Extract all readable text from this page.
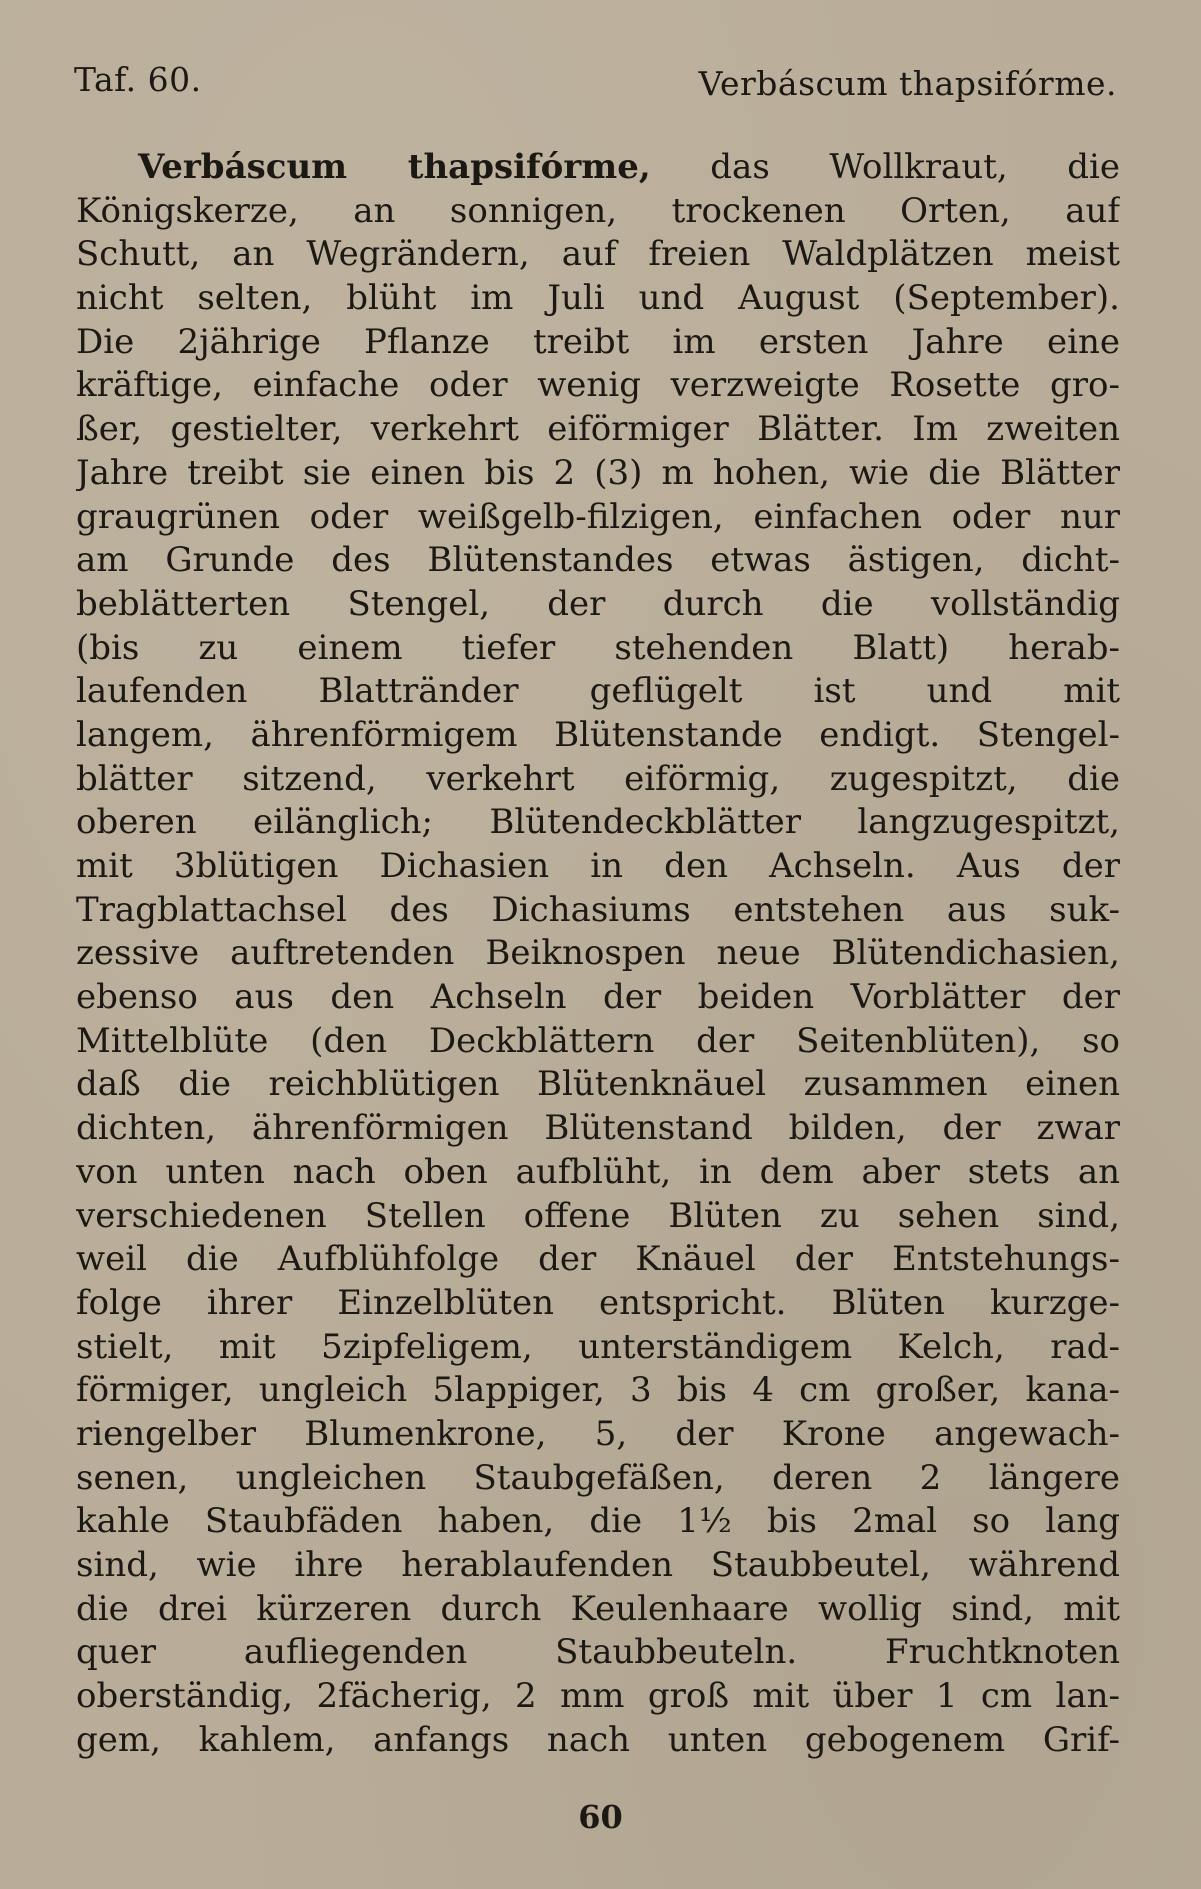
Taf. 60.	Verbáscum thapsifórme.
Verbáscum thapsifórme, das Wollkraut, die
Königskerze, an sonnigen, trockenen Orten, auf
Schutt, an Wegrändern, auf freien Waldplätzen meist
nicht selten, blüht im Juli und August (September).
Die 2jährige Pflanze treibt im ersten Jahre eine
kräftige, einfache oder wenig verzweigte Rosette gro-
ßer, gestielter, verkehrt eiförmiger Blätter. Im zweiten
Jahre treibt sie einen bis 2 (3) m hohen, wie die Blätter
graugrünen oder weißgelb-filzigen, einfachen oder nur
am Grunde des Blütenstandes etwas ästigen, dicht-
beblätterten Stengel, der durch die vollständig
(bis zu einem tiefer stehenden Blatt) herab-
laufenden Blattränder geflügelt ist und mit
langem, ährenförmigem Blütenstande endigt. Stengel-
blätter sitzend, verkehrt eiförmig, zugespitzt, die
oberen eilänglich; Blütendeckblätter langzugespitzt,
mit 3blütigen Dichasien in den Achseln. Aus der
Tragblattachsel des Dichasiums entstehen aus suk-
zessive auftretenden Beiknospen neue Blütendichasien,
ebenso aus den Achseln der beiden Vorblätter der
Mittelblüte (den Deckblättern der Seitenblüten), so
daß die reichblütigen Blütenknäuel zusammen einen
dichten, ährenförmigen Blütenstand bilden, der zwar
von unten nach oben aufblüht, in dem aber stets an
verschiedenen Stellen offene Blüten zu sehen sind,
weil die Aufblühfolge der Knäuel der Entstehungs-
folge ihrer Einzelblüten entspricht. Blüten kurzge-
stielt, mit 5zipfeligem, unterständigem Kelch, rad-
förmiger, ungleich 5lappiger, 3 bis 4 cm großer, kana-
riengelber Blumenkrone, 5, der Krone angewach-
senen, ungleichen Staubgefäßen, deren 2 längere
kahle Staubfäden haben, die 1½ bis 2mal so lang
sind, wie ihre herablaufenden Staubbeutel, während
die drei kürzeren durch Keulenhaare wollig sind, mit
quer aufliegenden Staubbeuteln. Fruchtknoten
oberständig, 2fächerig, 2 mm groß mit über 1 cm lan-
gem, kahlem, anfangs nach unten gebogenem Grif-
60
